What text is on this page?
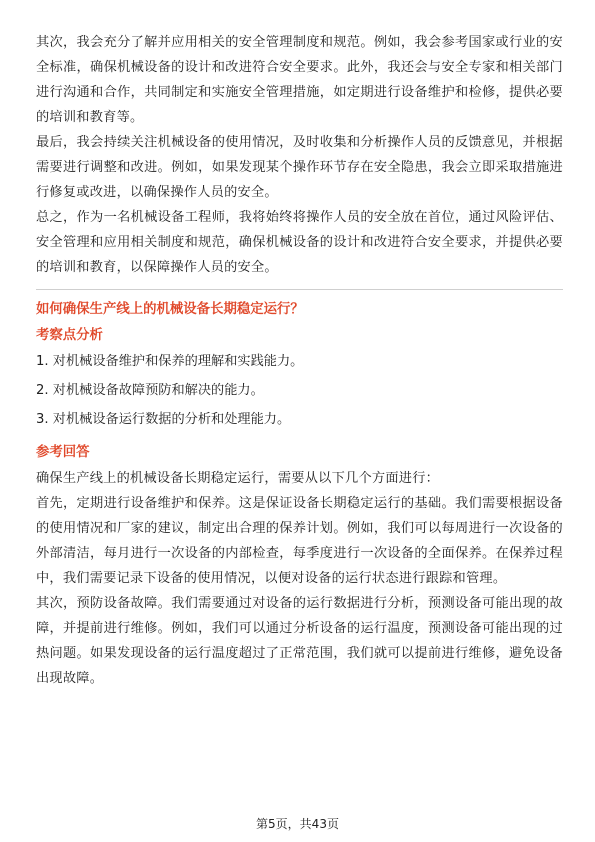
其次，我会充分了解并应用相关的安全管理制度和规范。例如，我会参考国家或行业的安全标准，确保机械设备的设计和改进符合安全要求。此外，我还会与安全专家和相关部门进行沟通和合作，共同制定和实施安全管理措施，如定期进行设备维护和检修，提供必要的培训和教育等。

最后，我会持续关注机械设备的使用情况，及时收集和分析操作人员的反馈意见，并根据需要进行调整和改进。例如，如果发现某个操作环节存在安全隐患，我会立即采取措施进行修复或改进，以确保操作人员的安全。

总之，作为一名机械设备工程师，我将始终将操作人员的安全放在首位，通过风险评估、安全管理和应用相关制度和规范，确保机械设备的设计和改进符合安全要求，并提供必要的培训和教育，以保障操作人员的安全。

如何确保生产线上的机械设备长期稳定运行？

考察点分析

1. 对机械设备维护和保养的理解和实践能力。

2. 对机械设备故障预防和解决的能力。

3. 对机械设备运行数据的分析和处理能力。

参考回答

确保生产线上的机械设备长期稳定运行，需要从以下几个方面进行：

首先，定期进行设备维护和保养。这是保证设备长期稳定运行的基础。我们需要根据设备的使用情况和厂家的建议，制定出合理的保养计划。例如，我们可以每周进行一次设备的外部清洁，每月进行一次设备的内部检查，每季度进行一次设备的全面保养。在保养过程中，我们需要记录下设备的使用情况，以便对设备的运行状态进行跟踪和管理。

其次，预防设备故障。我们需要通过对设备的运行数据进行分析，预测设备可能出现的故障，并提前进行维修。例如，我们可以通过分析设备的运行温度，预测设备可能出现的过热问题。如果发现设备的运行温度超过了正常范围，我们就可以提前进行维修，避免设备出现故障。

第5页，共43页
